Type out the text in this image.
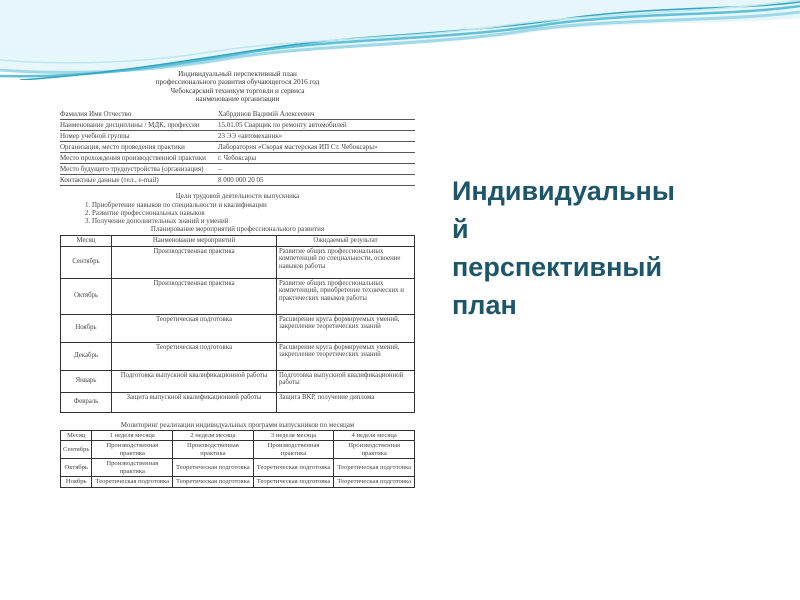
Индивидуальный перспективный план
профессионального развития обучающегося 2016 год
Чебоксарский техникум торговли и сервиса
наименование организации
Фамилия Имя Отчество	Хабрдинов Вадимій Алексеевич
Наименование дисциплины / МДК, профессии	15.01.05 Сварщик по ремонту автомобилей
Номер учебной группы	23 ЭЭ «автомеханик»
Организация, место проведения практики	Лаборатория «Скорая мастерская ИП Ст. Чебоксары»
Место прохождения производственной практики	г. Чебоксары
Место будущего трудоустройства (организация)	–
Контактные данные (тел., e-mail)	8 000 000 20 05
Цели трудовой деятельности выпускника
1. Приобретение навыков по специальности и квалификации
2. Развитие профессиональных навыков
3. Получение дополнительных знаний и умений
Планирование мероприятий профессионального развития
Месяц	Наименование мероприятий	Ожидаемый результат
Сентябрь	Производственная практика	Развитие общих профессиональных компетенций по специальности, освоение навыков работы
Октябрь	Производственная практика	Развитие общих профессиональных компетенций, приобретение технических и практических навыков работы
Ноябрь	Теоретическая подготовка	Расширение круга формируемых умений, закрепление теоретических знаний
Декабрь	Теоретическая подготовка	Расширение круга формируемых умений, закрепление теоретических знаний
Январь	Подготовка выпускной квалификационной работы	Подготовка выпускной квалификационной работы
Февраль	Защита выпускной квалификационной работы	Защита ВКР, получение диплома
Мониторинг реализации индивидуальных программ выпускников по месяцам
Месяц	1 неделя месяца	2 неделя месяца	3 неделя месяца	4 неделя месяца
Сентябрь	Производственная практика	Производственная практика	Производственная практика	Производственная практика
Октябрь	Производственная практика	Теоретическая подготовка	Теоретическая подготовка	Теоретическая подготовка
Ноябрь	Теоретическая подготовка	Теоретическая подготовка	Теоретическая подготовка	Теоретическая подготовка
Индивидуальны
й
перспективный
план
